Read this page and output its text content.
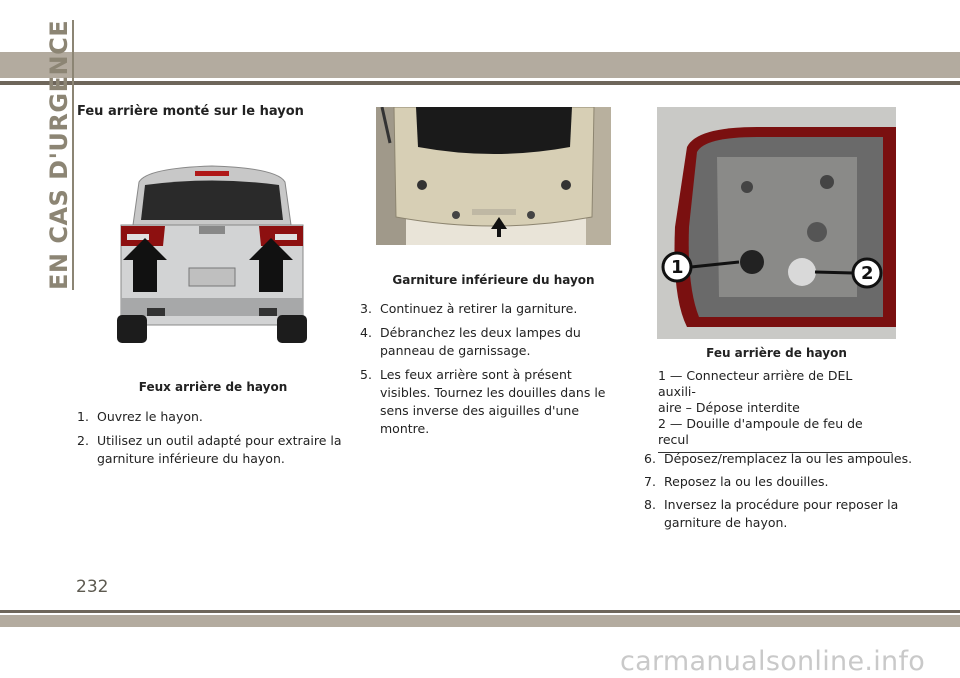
EN CAS D'URGENCE Feu arrière monté sur le hayon
Feux arrière de hayon
1. Ouvrez le hayon.
2. Utilisez un outil adapté pour extraire la garniture inférieure du hayon.
Garniture inférieure du hayon
3. Continuez à retirer la garniture.
4. Débranchez les deux lampes du panneau de garnissage.
5. Les feux arrière sont à présent visibles. Tournez les douilles dans le sens inverse des aiguilles d'une montre.
1	2
Feu arrière de hayon
1 — Connecteur arrière de DEL auxili-
aire – Dépose interdite
2 — Douille d'ampoule de feu de recul
6. Déposez/remplacez la ou les ampoules.
7. Reposez la ou les douilles.
8. Inversez la procédure pour reposer la garniture de hayon.
232
carmanualsonline.info
